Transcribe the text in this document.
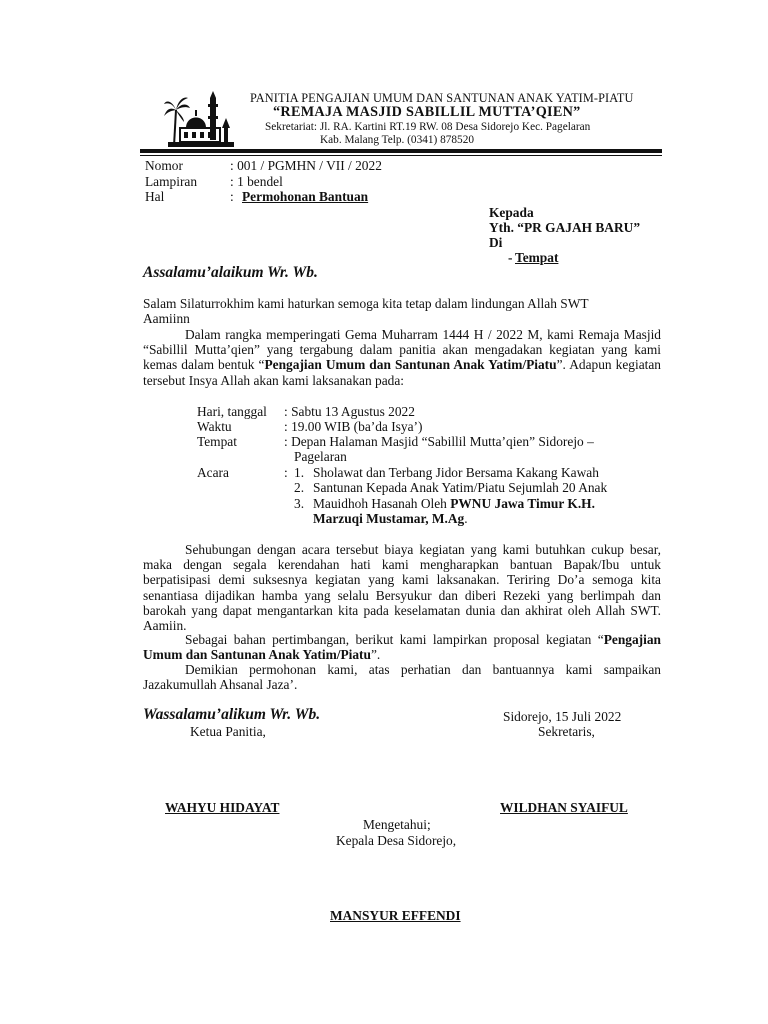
PANITIA PENGAJIAN UMUM DAN SANTUNAN ANAK YATIM-PIATU
“REMAJA MASJID SABILLIL MUTTA’QIEN”
Sekretariat: Jl. RA. Kartini RT.19 RW. 08 Desa Sidorejo Kec. Pagelaran
Kab. Malang Telp. (0341) 878520
Nomor	: 001 / PGMHN / VII / 2022
Lampiran : 1 bendel
Hal	: Permohonan Bantuan
Kepada
Yth. “PR GAJAH BARU”
Di
- Tempat
Assalamu’alaikum Wr. Wb.
Salam Silaturrokhim kami haturkan semoga kita tetap dalam lindungan Allah SWT
Aamiinn
Dalam rangka memperingati Gema Muharram 1444 H / 2022 M, kami Remaja Masjid “Sabillil Mutta’qien” yang tergabung dalam panitia akan mengadakan kegiatan yang kami kemas dalam bentuk “Pengajian Umum dan Santunan Anak Yatim/Piatu”. Adapun kegiatan tersebut Insya Allah akan kami laksanakan pada:
Hari, tanggal : Sabtu 13 Agustus 2022
Waktu	: 19.00 WIB (ba’da Isya’)
Tempat	: Depan Halaman Masjid “Sabillil Mutta’qien” Sidorejo –
Pagelaran
Acara	: 1. Sholawat dan Terbang Jidor Bersama Kakang Kawah
2. Santunan Kepada Anak Yatim/Piatu Sejumlah 20 Anak
3. Mauidhoh Hasanah Oleh PWNU Jawa Timur K.H.
Marzuqi Mustamar, M.Ag.
Sehubungan dengan acara tersebut biaya kegiatan yang kami butuhkan cukup besar, maka dengan segala kerendahan hati kami mengharapkan bantuan Bapak/Ibu untuk berpatisipasi demi suksesnya kegiatan yang kami laksanakan. Teriring Do’a semoga kita senantiasa dijadikan hamba yang selalu Bersyukur dan diberi Rezeki yang berlimpah dan barokah yang dapat mengantarkan kita pada keselamatan dunia dan akhirat oleh Allah SWT. Aamiin.
Sebagai bahan pertimbangan, berikut kami lampirkan proposal kegiatan “Pengajian Umum dan Santunan Anak Yatim/Piatu”.
Demikian permohonan kami, atas perhatian dan bantuannya kami sampaikan Jazakumullah Ahsanal Jaza’.
Wassalamu’alikum Wr. Wb.	Sidorejo, 15 Juli 2022
Ketua Panitia,	Sekretaris,
WAHYU HIDAYAT	WILDHAN SYAIFUL
Mengetahui;
Kepala Desa Sidorejo,
MANSYUR EFFENDI
